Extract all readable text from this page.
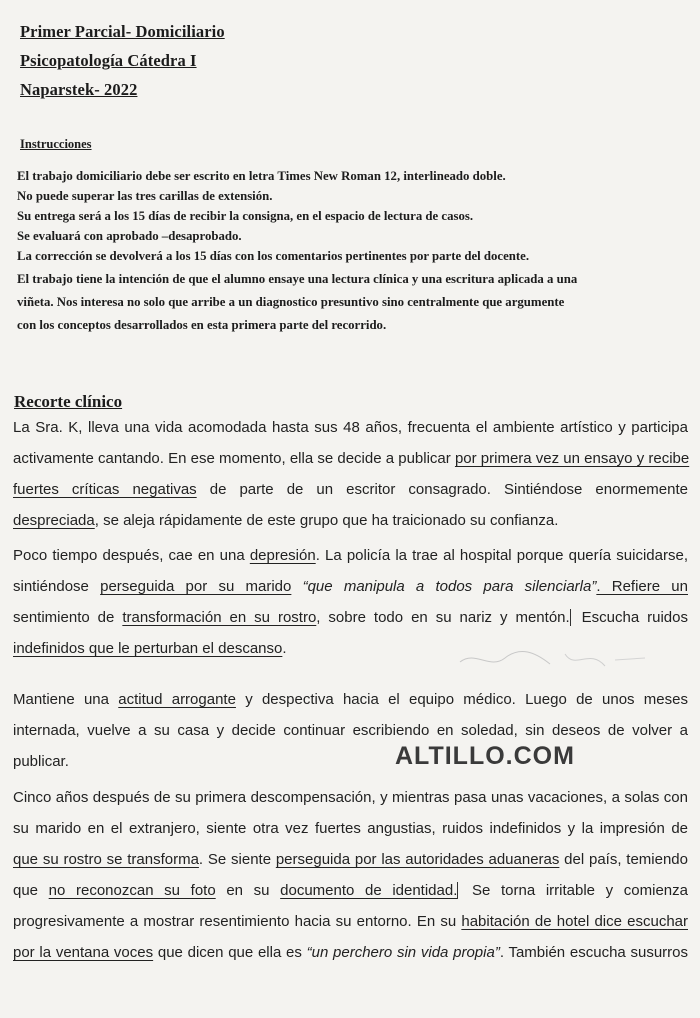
Primer Parcial- Domiciliario
Psicopatología Cátedra I
Naparstek- 2022
Instrucciones
El trabajo domiciliario debe ser escrito en letra Times New Roman 12, interlineado doble.
No puede superar las tres carillas de extensión.
Su entrega será a los 15 días de recibir la consigna, en el espacio de lectura de casos.
Se evaluará con aprobado –desaprobado.
La corrección se devolverá a los 15 días con los comentarios pertinentes por parte del docente.
El trabajo tiene la intención de que el alumno ensaye una lectura clínica y una escritura aplicada a una
viñeta. Nos interesa no solo que arribe a un diagnostico presuntivo sino centralmente que argumente
con los conceptos desarrollados en esta primera parte del recorrido.
Recorte clínico
La Sra. K, lleva una vida acomodada hasta sus 48 años, frecuenta el ambiente artístico y participa
activamente cantando. En ese momento, ella se decide a publicar por primera vez un ensayo y recibe
fuertes críticas negativas de parte de un escritor consagrado. Sintiéndose enormemente
despreciada, se aleja rápidamente de este grupo que ha traicionado su confianza.
Poco tiempo después, cae en una depresión. La policía la trae al hospital porque quería suicidarse,
sintiéndose perseguida por su marido “que manipula a todos para silenciarla”. Refiere un
sentimiento de transformación en su rostro, sobre todo en su nariz y mentón. Escucha ruidos
indefinidos que le perturban el descanso.
Mantiene una actitud arrogante y despectiva hacia el equipo médico. Luego de unos meses
internada, vuelve a su casa y decide continuar escribiendo en soledad, sin deseos de volver a
publicar.	ALTILLO.COM
Cinco años después de su primera descompensación, y mientras pasa unas vacaciones, a solas con
su marido en el extranjero, siente otra vez fuertes angustias, ruidos indefinidos y la impresión de
que su rostro se transforma. Se siente perseguida por las autoridades aduaneras del país, temiendo
que no reconozcan su foto en su documento de identidad. Se torna irritable y comienza
progresivamente a mostrar resentimiento hacia su entorno. En su habitación de hotel dice escuchar
por la ventana voces que dicen que ella es “un perchero sin vida propia”. También escucha susurros
